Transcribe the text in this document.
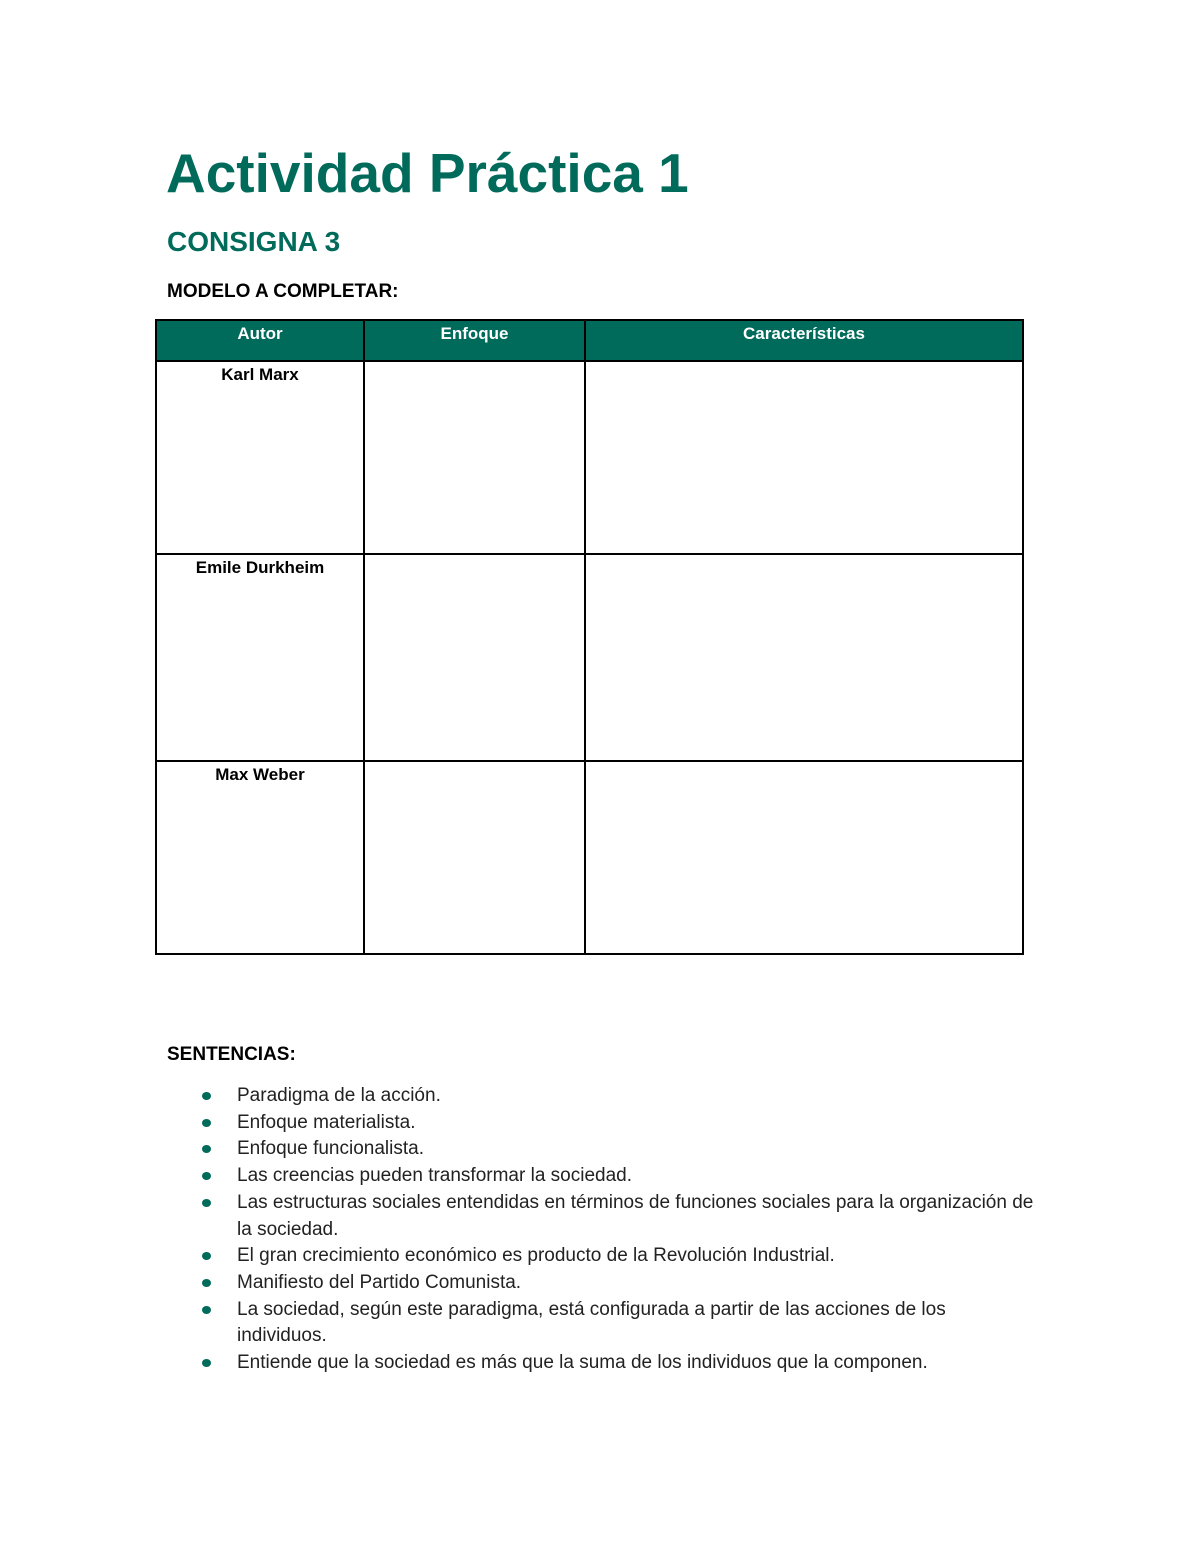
Actividad Práctica 1
CONSIGNA 3

MODELO A COMPLETAR:

Autor	Enfoque	Características
Karl Marx		
Emile Durkheim		
Max Weber		

SENTENCIAS:

Paradigma de la acción.
Enfoque materialista.
Enfoque funcionalista.
Las creencias pueden transformar la sociedad.
Las estructuras sociales entendidas en términos de funciones sociales para la organización de la sociedad.
El gran crecimiento económico es producto de la Revolución Industrial.
Manifiesto del Partido Comunista.
La sociedad, según este paradigma, está configurada a partir de las acciones de los individuos.
Entiende que la sociedad es más que la suma de los individuos que la componen.
